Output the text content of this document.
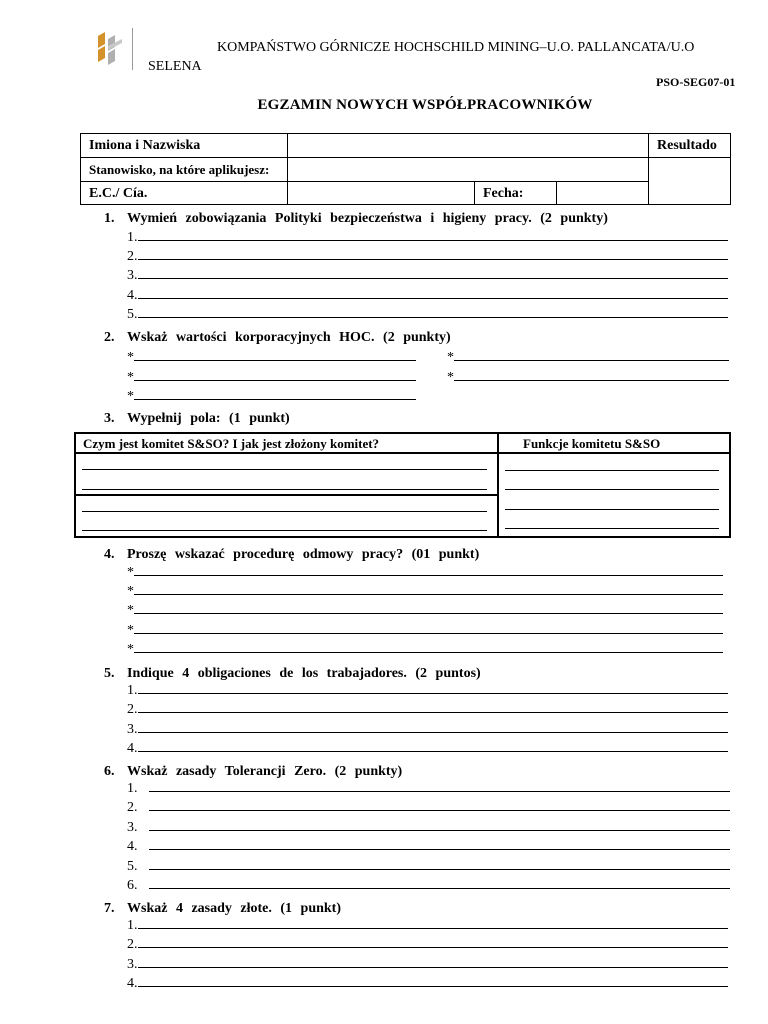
KOMPAŃSTWO GÓRNICZE HOCHSCHILD MINING–U.O. PALLANCATA/U.O
SELENA
PSO-SEG07-01
EGZAMIN NOWYCH WSPÓŁPRACOWNIKÓW
Imiona i Nazwiska	Resultado
Stanowisko, na które aplikujesz:
E.C./ Cía.	Fecha:
1. Wymień zobowiązania Polityki bezpieczeństwa i higieny pracy. (2 punkty)
1.
2.
3.
4.
5.
2. Wskaż wartości korporacyjnych HOC. (2 punkty)
*	*
*	*
*
3. Wypełnij pola: (1 punkt)
Czym jest komitet S&SO? I jak jest złożony komitet?	Funkcje komitetu S&SO
4. Proszę wskazać procedurę odmowy pracy? (01 punkt)
*
*
*
*
*
5. Indique 4 obligaciones de los trabajadores. (2 puntos)
1.
2.
3.
4.
6. Wskaż zasady Tolerancji Zero. (2 punkty)
1.
2.
3.
4.
5.
6.
7. Wskaż 4 zasady złote. (1 punkt)
1.
2.
3.
4.
